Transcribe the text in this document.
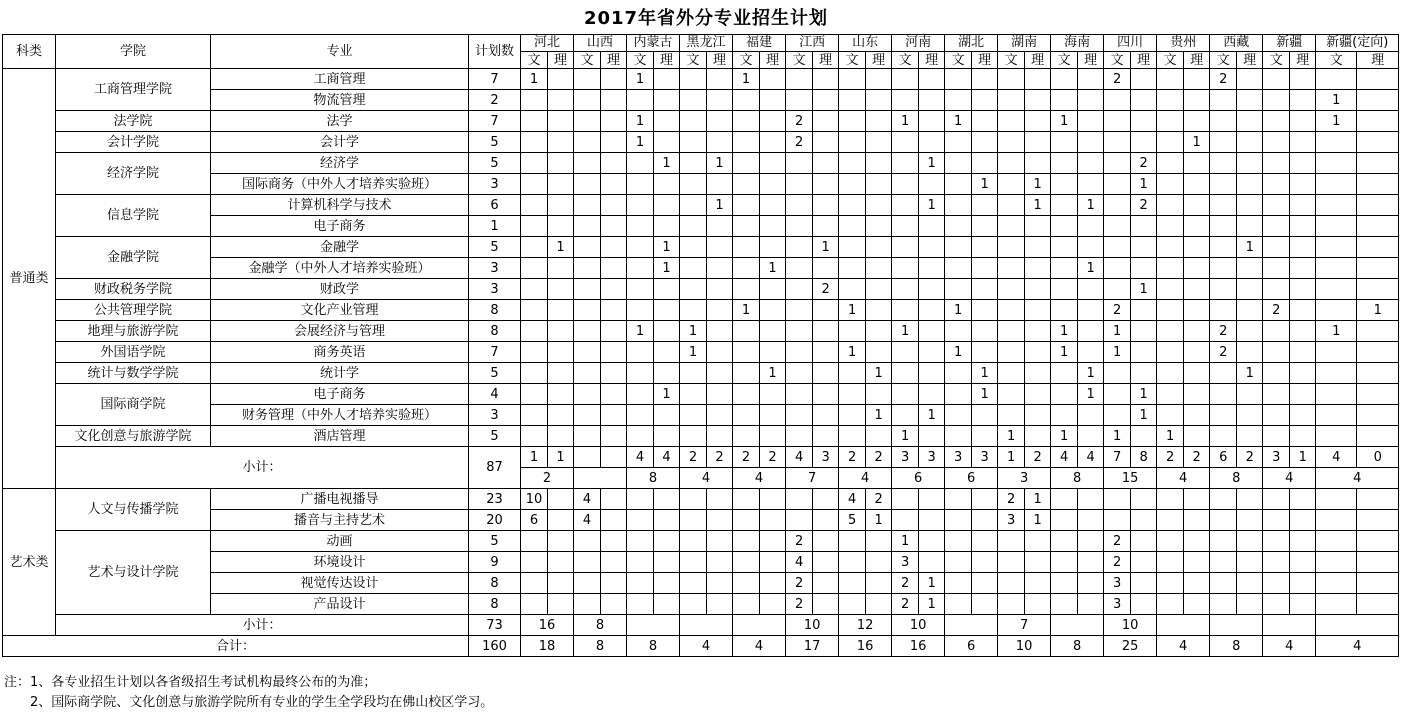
2017年省外分专业招生计划
科类	学院	专业	计划数	河北		山西		内蒙古		黑龙江		福建		江西		山东		河南		湖北		湖南		海南		四川		贵州		西藏		新疆		新疆(定向)	
				文	理	文	理	文	理	文	理	文	理	文	理	文	理	文	理	文	理	文	理	文	理	文	理	文	理	文	理	文	理	文	理
普通类	工商管理学院	工商管理	7	1				1				1														2				2					
		物流管理	2																															1	
	法学院	法学	7					1						2				1		1				1										1	
	会计学院	会计学	5					1						2															1						
	经济学院	经济学	5						1		1								1								2								
		国际商务（中外人才培养实验班）	3																		1		1				1								
	信息学院	计算机科学与技术	6								1								1				1		1		2								
		电子商务	1																																
	金融学院	金融学	5		1				1						1																1				
		金融学（中外人才培养实验班）	3						1				1												1										
	财政税务学院	财政学	3												2												1								
	公共管理学院	文化产业管理	8									1				1				1						2						2			1
	地理与旅游学院	会展经济与管理	8					1		1								1						1		1				2				1	
	外国语学院	商务英语	7							1						1				1				1		1				2					
	统计与数学学院	统计学	5										1				1				1				1						1				
	国际商学院	电子商务	4						1												1				1		1								
		财务管理（中外人才培养实验班）	3														1		1								1								
	文化创意与旅游学院	酒店管理	5															1				1		1		1		1							
	小计：		87	1	1			4	4	2	2	2	2	4	3	2	2	3	3	3	3	1	2	4	4	7	8	2	2	6	2	3	1	4	0
				2				8		4		4		7		4		6		6		3		8		15		4		8		4		4	
艺术类	人文与传播学院	广播电视播导	23	10		4										4	2					2	1												
		播音与主持艺术	20	6		4										5	1					3	1												
	艺术与设计学院	动画	5											2				1								2									
		环境设计	9											4				3								2									
		视觉传达设计	8											2				2	1							3									
		产品设计	8											2				2	1							3									
	小计：		73	16		8								10		12		10				7				10									
合计：			160	18		8		8		4		4		17		16		16		6		10		8		25		4		8		4		4	
注：1、各专业招生计划以各省级招生考试机构最终公布的为准；
2、国际商学院、文化创意与旅游学院所有专业的学生全学段均在佛山校区学习。
